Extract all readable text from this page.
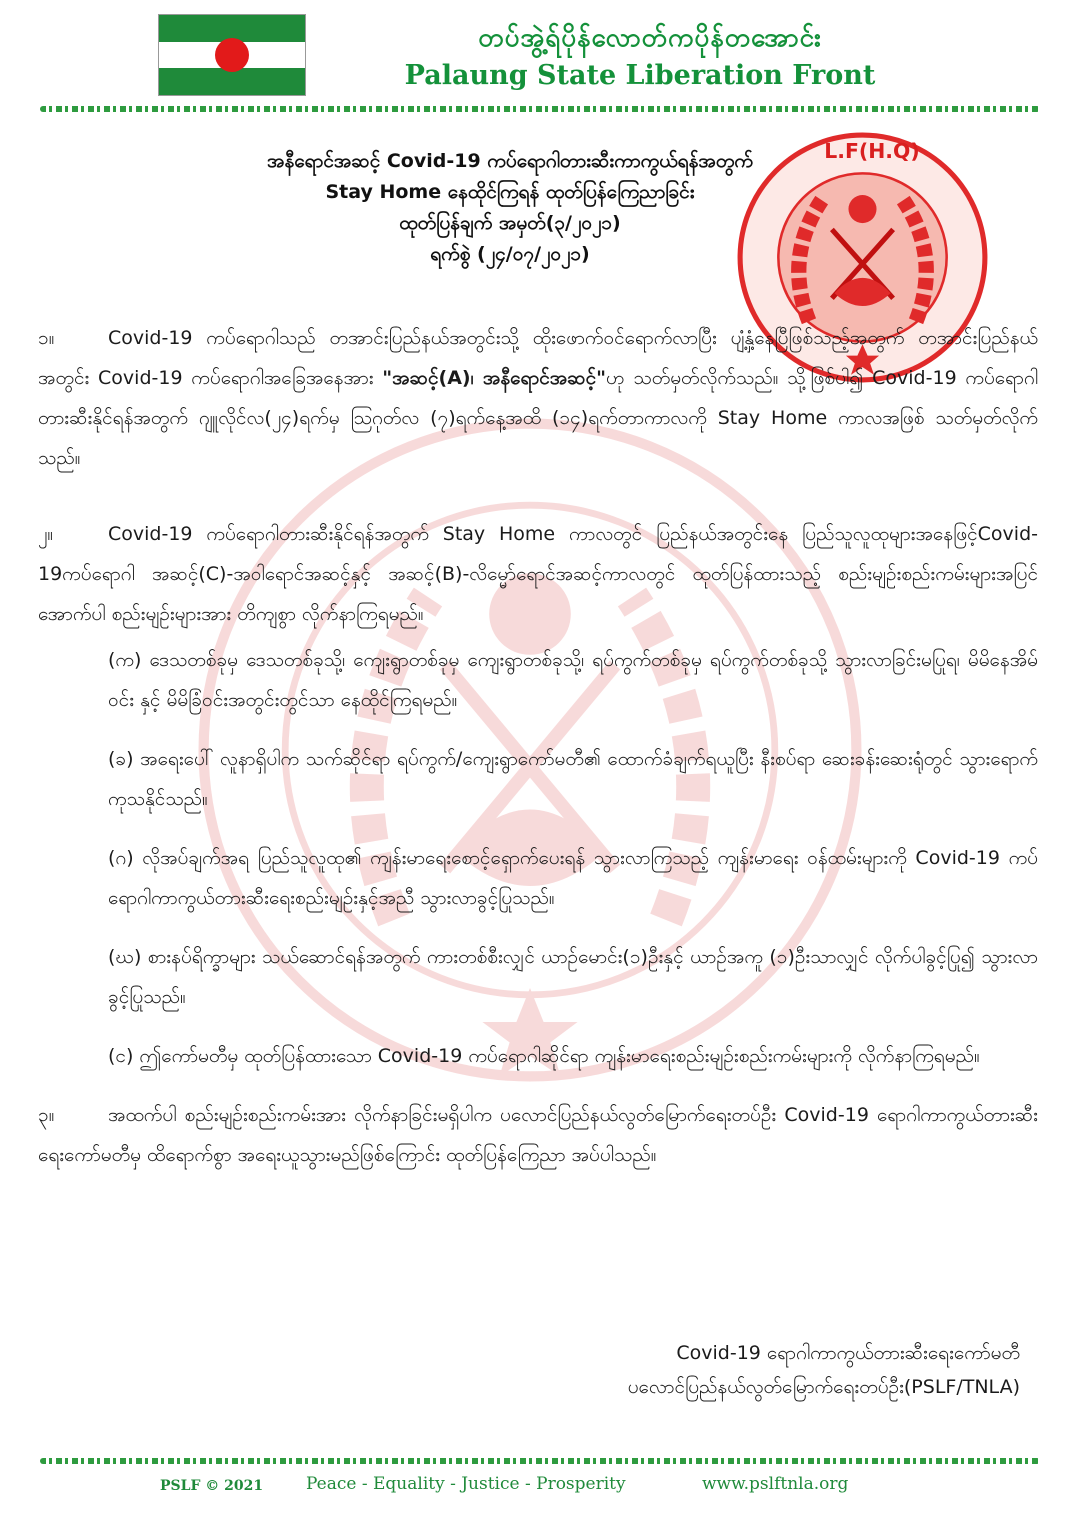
တပ်အွဲ့ရ်ပိုန်လောတ်ကပိုန်တအောင်း
Palaung State Liberation Front
L.F(H.Q)
အနီရောင်အဆင့် Covid-19 ကပ်ရောဂါတားဆီးကာကွယ်ရန်အတွက်
Stay Home နေထိုင်ကြရန် ထုတ်ပြန်ကြေညာခြင်း
ထုတ်ပြန်ချက် အမှတ်(၃/၂၀၂၁)
ရက်စွဲ (၂၄/၀၇/၂၀၂၁)

၁။	Covid-19 ကပ်ရောဂါသည် တအာင်းပြည်နယ်အတွင်းသို့ ထိုးဖောက်ဝင်ရောက်လာပြီး ပျံ့နှံ့နေပြီဖြစ်သည့်အတွက် တအာင်းပြည်နယ်အတွင်း Covid-19 ကပ်ရောဂါအခြေအနေအား "အဆင့်(A)၊ အနီရောင်အဆင့်"ဟု သတ်မှတ်လိုက်သည်။ သို့ဖြစ်ပါ၍ Covid-19 ကပ်ရောဂါတားဆီးနိုင်ရန်အတွက် ဂျူလိုင်လ(၂၄)ရက်မှ ဩဂုတ်လ (၇)ရက်နေ့အထိ (၁၄)ရက်တာကာလကို Stay Home ကာလအဖြစ် သတ်မှတ်လိုက်သည်။

၂။	Covid-19 ကပ်ရောဂါတားဆီးနိုင်ရန်အတွက် Stay Home ကာလတွင် ပြည်နယ်အတွင်းနေ ပြည်သူလူထုများအနေဖြင့်Covid-19ကပ်ရောဂါ အဆင့်(C)-အဝါရောင်အဆင့်နှင့် အဆင့်(B)-လိမ္မော်ရောင်အဆင့်ကာလတွင် ထုတ်ပြန်ထားသည့် စည်းမျဉ်းစည်းကမ်းများအပြင် အောက်ပါ စည်းမျဉ်းများအား တိကျစွာ လိုက်နာကြရမည်။

(က) ဒေသတစ်ခုမှ ဒေသတစ်ခုသို့၊ ကျေးရွာတစ်ခုမှ ကျေးရွာတစ်ခုသို့၊ ရပ်ကွက်တစ်ခုမှ ရပ်ကွက်တစ်ခုသို့ သွားလာခြင်းမပြုရ၊ မိမိနေအိမ်ဝင်း နှင့် မိမိခြံဝင်းအတွင်းတွင်သာ နေထိုင်ကြရမည်။

(ခ) အရေးပေါ် လူနာရှိပါက သက်ဆိုင်ရာ ရပ်ကွက်/ကျေးရွာကော်မတီ၏ ထောက်ခံချက်ရယူပြီး နီးစပ်ရာ ဆေးခန်းဆေးရုံတွင် သွားရောက်ကုသနိုင်သည်။

(ဂ) လိုအပ်ချက်အရ ပြည်သူလူထု၏ ကျန်းမာရေးစောင့်ရှောက်ပေးရန် သွားလာကြသည့် ကျန်းမာရေး ဝန်ထမ်းများကို Covid-19 ကပ်ရောဂါကာကွယ်တားဆီးရေးစည်းမျဉ်းနှင့်အညီ သွားလာခွင့်ပြုသည်။

(ဃ) စားနပ်ရိက္ခာများ သယ်ဆောင်ရန်အတွက် ကားတစ်စီးလျှင် ယာဉ်မောင်း(၁)ဦးနှင့် ယာဉ်အကူ (၁)ဦးသာလျှင် လိုက်ပါခွင့်ပြု၍ သွားလာခွင့်ပြုသည်။

(င) ဤကော်မတီမှ ထုတ်ပြန်ထားသော Covid-19 ကပ်ရောဂါဆိုင်ရာ ကျန်းမာရေးစည်းမျဉ်းစည်းကမ်းများကို လိုက်နာကြရမည်။

၃။	အထက်ပါ စည်းမျဉ်းစည်းကမ်းအား လိုက်နာခြင်းမရှိပါက ပလောင်ပြည်နယ်လွတ်မြောက်ရေးတပ်ဦး Covid-19 ရောဂါကာကွယ်တားဆီးရေးကော်မတီမှ ထိရောက်စွာ အရေးယူသွားမည်ဖြစ်ကြောင်း ထုတ်ပြန်ကြေညာ အပ်ပါသည်။

Covid-19 ရောဂါကာကွယ်တားဆီးရေးကော်မတီ
ပလောင်ပြည်နယ်လွတ်မြောက်ရေးတပ်ဦး(PSLF/TNLA)
PSLF © 2021	Peace - Equality - Justice - Prosperity	www.pslftnla.org
